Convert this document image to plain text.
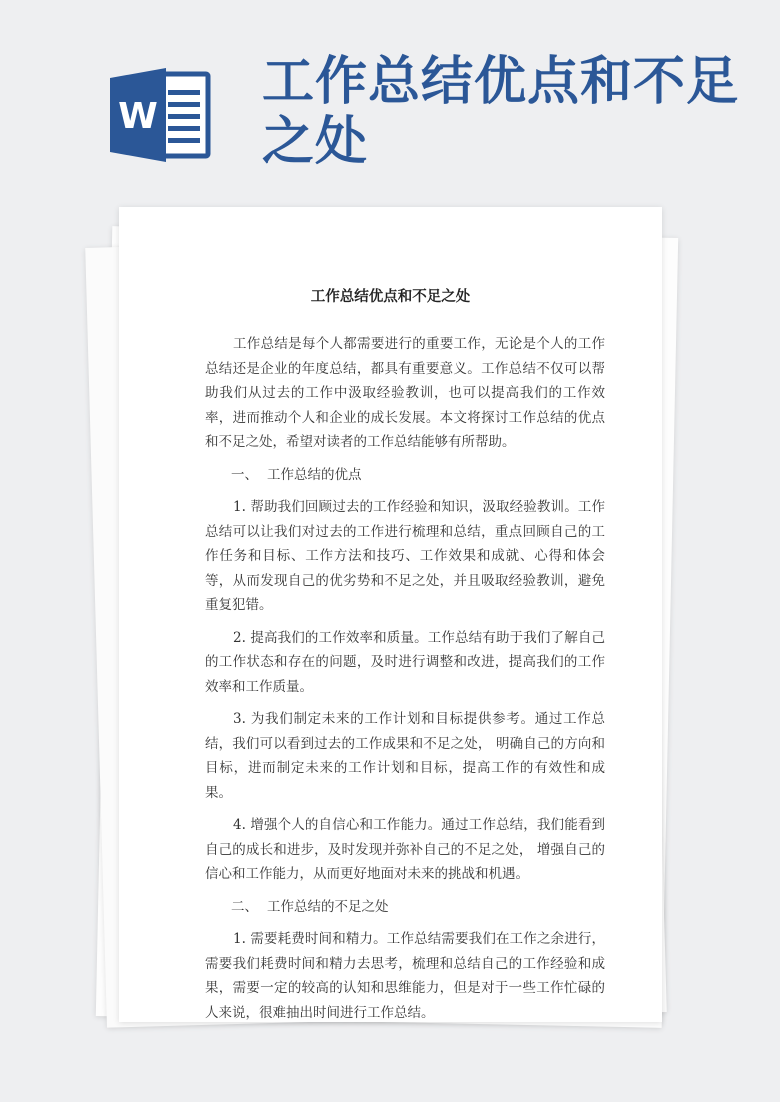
W
工作总结优点和不足之处
工作总结优点和不足之处

工作总结是每个人都需要进行的重要工作，无论是个人的工作总结还是企业的年度总结，都具有重要意义。工作总结不仅可以帮助我们从过去的工作中汲取经验教训，也可以提高我们的工作效率，进而推动个人和企业的成长发展。本文将探讨工作总结的优点和不足之处，希望对读者的工作总结能够有所帮助。

一、 工作总结的优点

1. 帮助我们回顾过去的工作经验和知识，汲取经验教训。工作总结可以让我们对过去的工作进行梳理和总结，重点回顾自己的工作任务和目标、工作方法和技巧、工作效果和成就、心得和体会等，从而发现自己的优劣势和不足之处，并且吸取经验教训，避免重复犯错。

2. 提高我们的工作效率和质量。工作总结有助于我们了解自己的工作状态和存在的问题，及时进行调整和改进，提高我们的工作效率和工作质量。

3. 为我们制定未来的工作计划和目标提供参考。通过工作总结，我们可以看到过去的工作成果和不足之处， 明确自己的方向和目标，进而制定未来的工作计划和目标，提高工作的有效性和成果。

4. 增强个人的自信心和工作能力。通过工作总结，我们能看到自己的成长和进步，及时发现并弥补自己的不足之处， 增强自己的信心和工作能力，从而更好地面对未来的挑战和机遇。

二、 工作总结的不足之处

1. 需要耗费时间和精力。工作总结需要我们在工作之余进行，需要我们耗费时间和精力去思考，梳理和总结自己的工作经验和成果，需要一定的较高的认知和思维能力，但是对于一些工作忙碌的人来说，很难抽出时间进行工作总结。
